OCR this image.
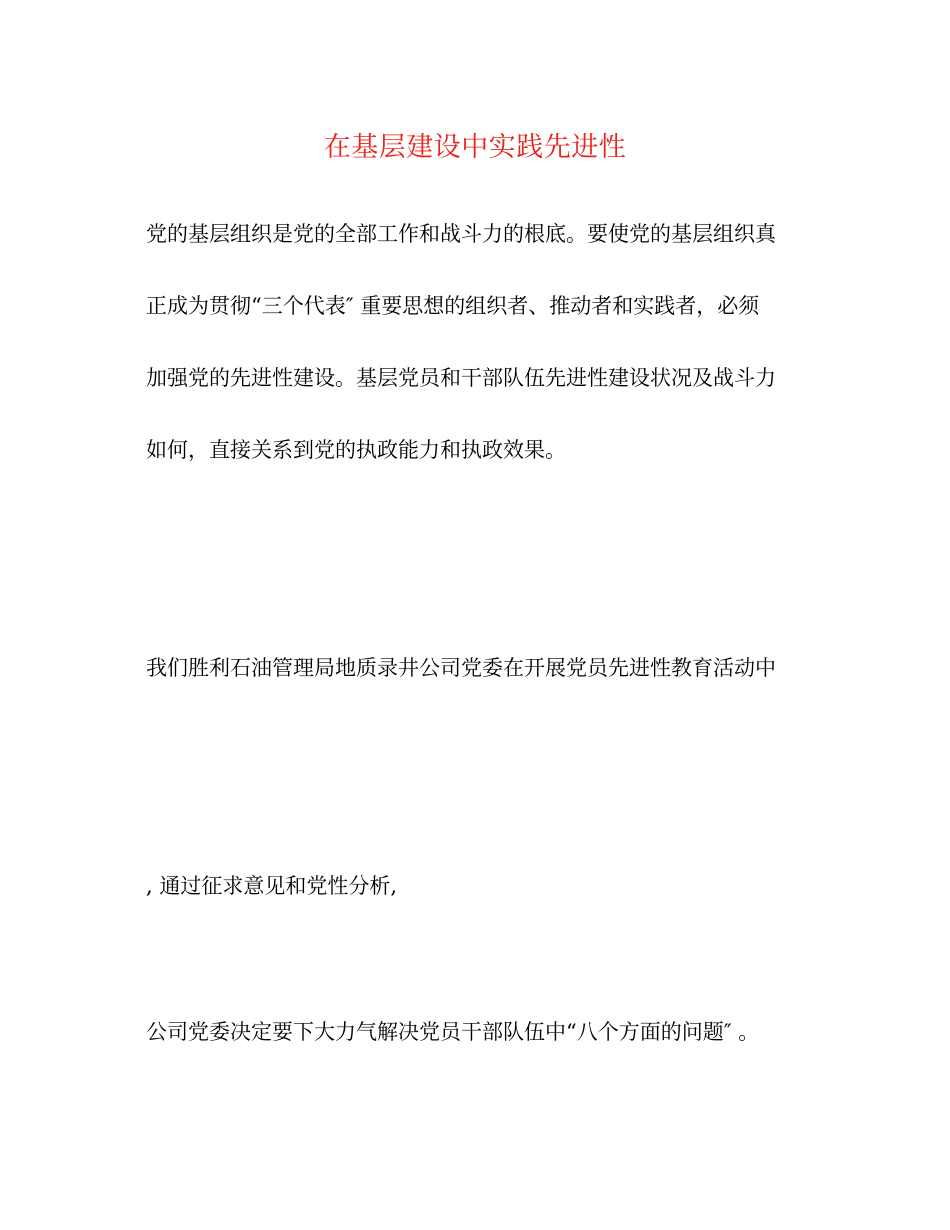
在基层建设中实践先进性
党的基层组织是党的全部工作和战斗力的根底。要使党的基层组织真
正成为贯彻“三个代表″ 重要思想的组织者、推动者和实践者，必须
加强党的先进性建设。基层党员和干部队伍先进性建设状况及战斗力
如何，直接关系到党的执政能力和执政效果。
我们胜利石油管理局地质录井公司党委在开展党员先进性教育活动中
, 通过征求意见和党性分析,
公司党委决定要下大力气解决党员干部队伍中“八个方面的问题″ 。
